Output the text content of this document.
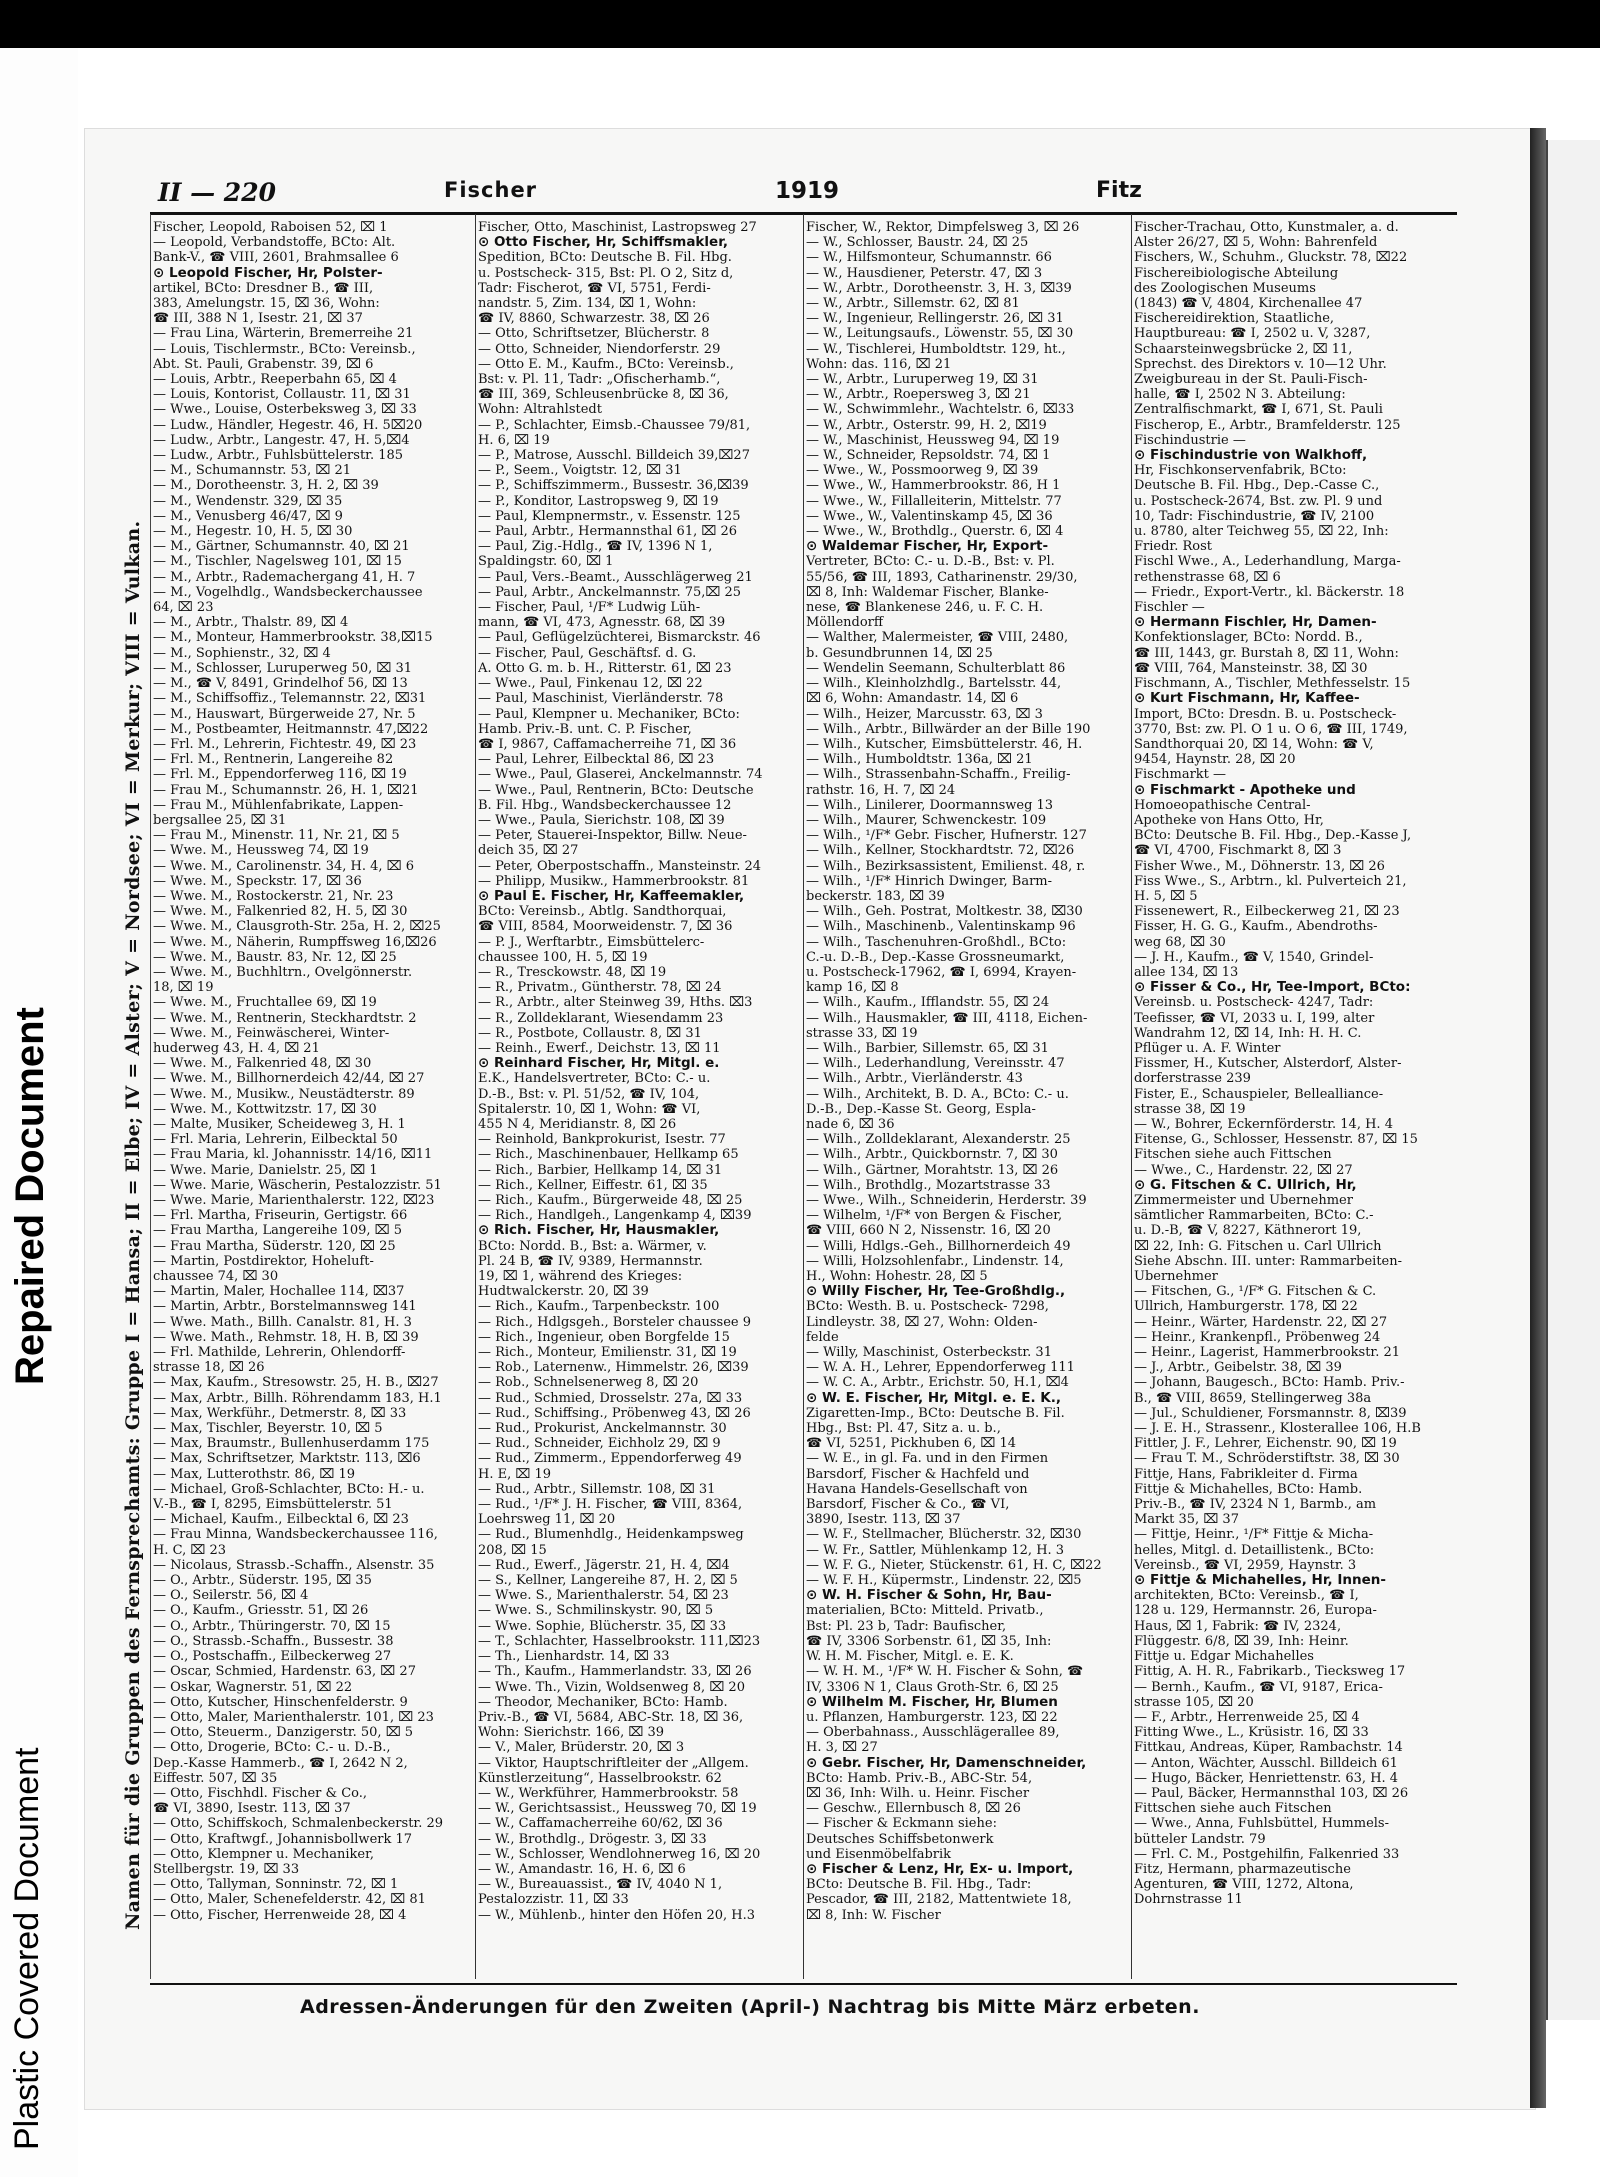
Plastic Covered Document
Repaired Document
II — 220	Fischer	1919	Fitz
Namen für die Gruppen des Fernsprechamts: Gruppe I = Hansa; II = Elbe; IV = Alster; V = Nordsee; VI = Merkur; VIII = Vulkan.
Fischer, Leopold, Raboisen 52, ⌧ 1
— Leopold, Verbandstoffe, BCto: Alt.
Bank-V., ☎ VIII, 2601, Brahmsallee 6
⊙ Leopold Fischer, Hr, Polster-
artikel, BCto: Dresdner B., ☎ III,
383, Amelungstr. 15, ⌧ 36, Wohn:
☎ III, 388 N 1, Isestr. 21, ⌧ 37
— Frau Lina, Wärterin, Bremerreihe 21
— Louis, Tischlermstr., BCto: Vereinsb.,
Abt. St. Pauli, Grabenstr. 39, ⌧ 6
— Louis, Arbtr., Reeperbahn 65, ⌧ 4
— Louis, Kontorist, Collaustr. 11, ⌧ 31
— Wwe., Louise, Osterbeksweg 3, ⌧ 33
— Ludw., Händler, Hegestr. 46, H. 5⌧20
— Ludw., Arbtr., Langestr. 47, H. 5,⌧4
— Ludw., Arbtr., Fuhlsbüttelerstr. 185
— M., Schumannstr. 53, ⌧ 21
— M., Dorotheenstr. 3, H. 2, ⌧ 39
— M., Wendenstr. 329, ⌧ 35
— M., Venusberg 46/47, ⌧ 9
— M., Hegestr. 10, H. 5, ⌧ 30
— M., Gärtner, Schumannstr. 40, ⌧ 21
— M., Tischler, Nagelsweg 101, ⌧ 15
— M., Arbtr., Rademachergang 41, H. 7
— M., Vogelhdlg., Wandsbeckerchaussee
64, ⌧ 23
— M., Arbtr., Thalstr. 89, ⌧ 4
— M., Monteur, Hammerbrookstr. 38,⌧15
— M., Sophienstr., 32, ⌧ 4
— M., Schlosser, Luruperweg 50, ⌧ 31
— M., ☎ V, 8491, Grindelhof 56, ⌧ 13
— M., Schiffsoffiz., Telemannstr. 22, ⌧31
— M., Hauswart, Bürgerweide 27, Nr. 5
— M., Postbeamter, Heitmannstr. 47,⌧22
— Frl. M., Lehrerin, Fichtestr. 49, ⌧ 23
— Frl. M., Rentnerin, Langereihe 82
— Frl. M., Eppendorferweg 116, ⌧ 19
— Frau M., Schumannstr. 26, H. 1, ⌧21
— Frau M., Mühlenfabrikate, Lappen-
bergsallee 25, ⌧ 31
— Frau M., Minenstr. 11, Nr. 21, ⌧ 5
— Wwe. M., Heussweg 74, ⌧ 19
— Wwe. M., Carolinenstr. 34, H. 4, ⌧ 6
— Wwe. M., Speckstr. 17, ⌧ 36
— Wwe. M., Rostockerstr. 21, Nr. 23
— Wwe. M., Falkenried 82, H. 5, ⌧ 30
— Wwe. M., Clausgroth-Str. 25a, H. 2, ⌧25
— Wwe. M., Näherin, Rumpffsweg 16,⌧26
— Wwe. M., Baustr. 83, Nr. 12, ⌧ 25
— Wwe. M., Buchhltrn., Övelgönnerstr.
18, ⌧ 19
— Wwe. M., Fruchtallee 69, ⌧ 19
— Wwe. M., Rentnerin, Steckhardtstr. 2
— Wwe. M., Feinwäscherei, Winter-
huderweg 43, H. 4, ⌧ 21
— Wwe. M., Falkenried 48, ⌧ 30
— Wwe. M., Billhornerdeich 42/44, ⌧ 27
— Wwe. M., Musikw., Neustädterstr. 89
— Wwe. M., Kottwitzstr. 17, ⌧ 30
— Malte, Musiker, Scheideweg 3, H. 1
— Frl. Maria, Lehrerin, Eilbecktal 50
— Frau Maria, kl. Johannisstr. 14/16, ⌧11
— Wwe. Marie, Danielstr. 25, ⌧ 1
— Wwe. Marie, Wäscherin, Pestalozzistr. 51
— Wwe. Marie, Marienthalerstr. 122, ⌧23
— Frl. Martha, Friseurin, Gertigstr. 66
— Frau Martha, Langereihe 109, ⌧ 5
— Frau Martha, Süderstr. 120, ⌧ 25
— Martin, Postdirektor, Hoheluft-
chaussee 74, ⌧ 30
— Martin, Maler, Hochallee 114, ⌧37
— Martin, Arbtr., Borstelmannsweg 141
— Wwe. Math., Billh. Canalstr. 81, H. 3
— Wwe. Math., Rehmstr. 18, H. B, ⌧ 39
— Frl. Mathilde, Lehrerin, Ohlendorff-
strasse 18, ⌧ 26
— Max, Kaufm., Stresowstr. 25, H. B., ⌧27
— Max, Arbtr., Billh. Röhrendamm 183, H.1
— Max, Werkführ., Detmerstr. 8, ⌧ 33
— Max, Tischler, Beyerstr. 10, ⌧ 5
— Max, Braumstr., Bullenhuserdamm 175
— Max, Schriftsetzer, Marktstr. 113, ⌧6
— Max, Lutterothstr. 86, ⌧ 19
— Michael, Groß-Schlachter, BCto: H.- u.
V.-B., ☎ I, 8295, Eimsbüttelerstr. 51
— Michael, Kaufm., Eilbecktal 6, ⌧ 23
— Frau Minna, Wandsbeckerchaussee 116,
H. C, ⌧ 23
— Nicolaus, Strassb.-Schaffn., Alsenstr. 35
— O., Arbtr., Süderstr. 195, ⌧ 35
— O., Seilerstr. 56, ⌧ 4
— O., Kaufm., Griesstr. 51, ⌧ 26
— O., Arbtr., Thüringerstr. 70, ⌧ 15
— O., Strassb.-Schaffn., Bussestr. 38
— O., Postschaffn., Eilbeckerweg 27
— Oscar, Schmied, Hardenstr. 63, ⌧ 27
— Oskar, Wagnerstr. 51, ⌧ 22
— Otto, Kutscher, Hinschenfelderstr. 9
— Otto, Maler, Marienthalerstr. 101, ⌧ 23
— Otto, Steuerm., Danzigerstr. 50, ⌧ 5
— Otto, Drogerie, BCto: C.- u. D.-B.,
Dep.-Kasse Hammerb., ☎ I, 2642 N 2,
Eiffestr. 507, ⌧ 35
— Otto, Fischhdl. Fischer & Co.,
☎ VI, 3890, Isestr. 113, ⌧ 37
— Otto, Schiffskoch, Schmalenbeckerstr. 29
— Otto, Kraftwgf., Johannisbollwerk 17
— Otto, Klempner u. Mechaniker,
Stellbergstr. 19, ⌧ 33
— Otto, Tallyman, Sonninstr. 72, ⌧ 1
— Otto, Maler, Schenefelderstr. 42, ⌧ 81
— Otto, Fischer, Herrenweide 28, ⌧ 4
Fischer, Otto, Maschinist, Lastropsweg 27
⊙ Otto Fischer, Hr, Schiffsmakler,
Spedition, BCto: Deutsche B. Fil. Hbg.
u. Postscheck- 315, Bst: Pl. O 2, Sitz d,
Tadr: Fischerot, ☎ VI, 5751, Ferdi-
nandstr. 5, Zim. 134, ⌧ 1, Wohn:
☎ IV, 8860, Schwarzestr. 38, ⌧ 26
— Otto, Schriftsetzer, Blücherstr. 8
— Otto, Schneider, Niendorferstr. 29
— Otto E. M., Kaufm., BCto: Vereinsb.,
Bst: v. Pl. 11, Tadr: „Ofischerhamb.“,
☎ III, 369, Schleusenbrücke 8, ⌧ 36,
Wohn: Altrahlstedt
— P., Schlachter, Eimsb.-Chaussee 79/81,
H. 6, ⌧ 19
— P., Matrose, Ausschl. Billdeich 39,⌧27
— P., Seem., Voigtstr. 12, ⌧ 31
— P., Schiffszimmerm., Bussestr. 36,⌧39
— P., Konditor, Lastropsweg 9, ⌧ 19
— Paul, Klempnermstr., v. Essenstr. 125
— Paul, Arbtr., Hermannsthal 61, ⌧ 26
— Paul, Zig.-Hdlg., ☎ IV, 1396 N 1,
Spaldingstr. 60, ⌧ 1
— Paul, Vers.-Beamt., Ausschlägerweg 21
— Paul, Arbtr., Anckelmannstr. 75,⌧ 25
— Fischer, Paul, ¹/F* Ludwig Lüh-
mann, ☎ VI, 473, Agnesstr. 68, ⌧ 39
— Paul, Geflügelzüchterei, Bismarckstr. 46
— Fischer, Paul, Geschäftsf. d. G.
A. Otto G. m. b. H., Ritterstr. 61, ⌧ 23
— Wwe., Paul, Finkenau 12, ⌧ 22
— Paul, Maschinist, Vierländerstr. 78
— Paul, Klempner u. Mechaniker, BCto:
Hamb. Priv.-B. unt. C. P. Fischer,
☎ I, 9867, Caffamacherreihe 71, ⌧ 36
— Paul, Lehrer, Eilbecktal 86, ⌧ 23
— Wwe., Paul, Glaserei, Anckelmannstr. 74
— Wwe., Paul, Rentnerin, BCto: Deutsche
B. Fil. Hbg., Wandsbeckerchaussee 12
— Wwe., Paula, Sierichstr. 108, ⌧ 39
— Peter, Stauerei-Inspektor, Billw. Neue-
deich 35, ⌧ 27
— Peter, Oberpostschaffn., Mansteinstr. 24
— Philipp, Musikw., Hammerbrookstr. 81
⊙ Paul E. Fischer, Hr, Kaffeemakler,
BCto: Vereinsb., Abtlg. Sandthorquai,
☎ VIII, 8584, Moorweidenstr. 7, ⌧ 36
— P. J., Werftarbtr., Eimsbüttelerc-
chaussee 100, H. 5, ⌧ 19
— R., Tresckowstr. 48, ⌧ 19
— R., Privatm., Güntherstr. 78, ⌧ 24
— R., Arbtr., alter Steinweg 39, Hths. ⌧3
— R., Zolldeklarant, Wiesendamm 23
— R., Postbote, Collaustr. 8, ⌧ 31
— Reinh., Ewerf., Deichstr. 13, ⌧ 11
⊙ Reinhard Fischer, Hr, Mitgl. e.
E.K., Handelsvertreter, BCto: C.- u.
D.-B., Bst: v. Pl. 51/52, ☎ IV, 104,
Spitalerstr. 10, ⌧ 1, Wohn: ☎ VI,
455 N 4, Meridianstr. 8, ⌧ 26
— Reinhold, Bankprokurist, Isestr. 77
— Rich., Maschinenbauer, Hellkamp 65
— Rich., Barbier, Hellkamp 14, ⌧ 31
— Rich., Kellner, Eiffestr. 61, ⌧ 35
— Rich., Kaufm., Bürgerweide 48, ⌧ 25
— Rich., Handlgeh., Langenkamp 4, ⌧39
⊙ Rich. Fischer, Hr, Hausmakler,
BCto: Nordd. B., Bst: a. Wärmer, v.
Pl. 24 B, ☎ IV, 9389, Hermannstr.
19, ⌧ 1, während des Krieges:
Hudtwalckerstr. 20, ⌧ 39
— Rich., Kaufm., Tarpenbeckstr. 100
— Rich., Hdlgsgeh., Borsteler chaussee 9
— Rich., Ingenieur, oben Borgfelde 15
— Rich., Monteur, Emilienstr. 31, ⌧ 19
— Rob., Laternenw., Himmelstr. 26, ⌧39
— Rob., Schnelsenerweg 8, ⌧ 20
— Rud., Schmied, Drosselstr. 27a, ⌧ 33
— Rud., Schiffsing., Pröbenweg 43, ⌧ 26
— Rud., Prokurist, Anckelmannstr. 30
— Rud., Schneider, Eichholz 29, ⌧ 9
— Rud., Zimmerm., Eppendorferweg 49
H. E, ⌧ 19
— Rud., Arbtr., Sillemstr. 108, ⌧ 31
— Rud., ¹/F* J. H. Fischer, ☎ VIII, 8364,
Loehrsweg 11, ⌧ 20
— Rud., Blumenhdlg., Heidenkampsweg
208, ⌧ 15
— Rud., Ewerf., Jägerstr. 21, H. 4, ⌧4
— S., Kellner, Langereihe 87, H. 2, ⌧ 5
— Wwe. S., Marienthalerstr. 54, ⌧ 23
— Wwe. S., Schmilinskystr. 90, ⌧ 5
— Wwe. Sophie, Blücherstr. 35, ⌧ 33
— T., Schlachter, Hasselbrookstr. 111,⌧23
— Th., Lienhardstr. 14, ⌧ 33
— Th., Kaufm., Hammerlandstr. 33, ⌧ 26
— Wwe. Th., Vizin, Woldsenweg 8, ⌧ 20
— Theodor, Mechaniker, BCto: Hamb.
Priv.-B., ☎ VI, 5684, ABC-Str. 18, ⌧ 36,
Wohn: Sierichstr. 166, ⌧ 39
— V., Maler, Brüderstr. 20, ⌧ 3
— Viktor, Hauptschriftleiter der „Allgem.
Künstlerzeitung“, Hasselbrookstr. 62
— W., Werkführer, Hammerbrookstr. 58
— W., Gerichtsassist., Heussweg 70, ⌧ 19
— W., Caffamacherreihe 60/62, ⌧ 36
— W., Brothdlg., Drögestr. 3, ⌧ 33
— W., Schlosser, Wendlohnerweg 16, ⌧ 20
— W., Amandastr. 16, H. 6, ⌧ 6
— W., Bureauassist., ☎ IV, 4040 N 1,
Pestalozzistr. 11, ⌧ 33
— W., Mühlenb., hinter den Höfen 20, H.3
Fischer, W., Rektor, Dimpfelsweg 3, ⌧ 26
— W., Schlosser, Baustr. 24, ⌧ 25
— W., Hilfsmonteur, Schumannstr. 66
— W., Hausdiener, Peterstr. 47, ⌧ 3
— W., Arbtr., Dorotheenstr. 3, H. 3, ⌧39
— W., Arbtr., Sillemstr. 62, ⌧ 81
— W., Ingenieur, Rellingerstr. 26, ⌧ 31
— W., Leitungsaufs., Löwenstr. 55, ⌧ 30
— W., Tischlerei, Humboldtstr. 129, ht.,
Wohn: das. 116, ⌧ 21
— W., Arbtr., Luruperweg 19, ⌧ 31
— W., Arbtr., Roepersweg 3, ⌧ 21
— W., Schwimmlehr., Wachtelstr. 6, ⌧33
— W., Arbtr., Osterstr. 99, H. 2, ⌧19
— W., Maschinist, Heussweg 94, ⌧ 19
— W., Schneider, Repsoldstr. 74, ⌧ 1
— Wwe., W., Possmoorweg 9, ⌧ 39
— Wwe., W., Hammerbrookstr. 86, H 1
— Wwe., W., Fillalleiterin, Mittelstr. 77
— Wwe., W., Valentinskamp 45, ⌧ 36
— Wwe., W., Brothdlg., Querstr. 6, ⌧ 4
⊙ Waldemar Fischer, Hr, Export-
Vertreter, BCto: C.- u. D.-B., Bst: v. Pl.
55/56, ☎ III, 1893, Catharinenstr. 29/30,
⌧ 8, Inh: Waldemar Fischer, Blanke-
nese, ☎ Blankenese 246, u. F. C. H.
Möllendorff
— Walther, Malermeister, ☎ VIII, 2480,
b. Gesundbrunnen 14, ⌧ 25
— Wendelin Seemann, Schulterblatt 86
— Wilh., Kleinholzhdlg., Bartelsstr. 44,
⌧ 6, Wohn: Amandastr. 14, ⌧ 6
— Wilh., Heizer, Marcusstr. 63, ⌧ 3
— Wilh., Arbtr., Billwärder an der Bille 190
— Wilh., Kutscher, Eimsbüttelerstr. 46, H.
— Wilh., Humboldtstr. 136a, ⌧ 21
— Wilh., Strassenbahn-Schaffn., Freilig-
rathstr. 16, H. 7, ⌧ 24
— Wilh., Linilerer, Doormannsweg 13
— Wilh., Maurer, Schwenckestr. 109
— Wilh., ¹/F* Gebr. Fischer, Hufnerstr. 127
— Wilh., Kellner, Stockhardtstr. 72, ⌧26
— Wilh., Bezirksassistent, Emilienst. 48, r.
— Wilh., ¹/F* Hinrich Dwinger, Barm-
beckerstr. 183, ⌧ 39
— Wilh., Geh. Postrat, Moltkestr. 38, ⌧30
— Wilh., Maschinenb., Valentinskamp 96
— Wilh., Taschenuhren-Großhdl., BCto:
C.-u. D.-B., Dep.-Kasse Grossneumarkt,
u. Postscheck-17962, ☎ I, 6994, Krayen-
kamp 16, ⌧ 8
— Wilh., Kaufm., Ifflandstr. 55, ⌧ 24
— Wilh., Hausmakler, ☎ III, 4118, Eichen-
strasse 33, ⌧ 19
— Wilh., Barbier, Sillemstr. 65, ⌧ 31
— Wilh., Lederhandlung, Vereinsstr. 47
— Wilh., Arbtr., Vierländerstr. 43
— Wilh., Architekt, B. D. A., BCto: C.- u.
D.-B., Dep.-Kasse St. Georg, Espla-
nade 6, ⌧ 36
— Wilh., Zolldeklarant, Alexanderstr. 25
— Wilh., Arbtr., Quickbornstr. 7, ⌧ 30
— Wilh., Gärtner, Morahtstr. 13, ⌧ 26
— Wilh., Brothdlg., Mozartstrasse 33
— Wwe., Wilh., Schneiderin, Herderstr. 39
— Wilhelm, ¹/F* von Bergen & Fischer,
☎ VIII, 660 N 2, Nissenstr. 16, ⌧ 20
— Willi, Hdlgs.-Geh., Billhornerdeich 49
— Willi, Holzsohlenfabr., Lindenstr. 14,
H., Wohn: Hohestr. 28, ⌧ 5
⊙ Willy Fischer, Hr, Tee-Großhdlg.,
BCto: Westh. B. u. Postscheck- 7298,
Lindleystr. 38, ⌧ 27, Wohn: Olden-
felde
— Willy, Maschinist, Osterbeckstr. 31
— W. A. H., Lehrer, Eppendorferweg 111
— W. C. A., Arbtr., Erichstr. 50, H.1, ⌧4
⊙ W. E. Fischer, Hr, Mitgl. e. E. K.,
Zigaretten-Imp., BCto: Deutsche B. Fil.
Hbg., Bst: Pl. 47, Sitz a. u. b.,
☎ VI, 5251, Pickhuben 6, ⌧ 14
— W. E., in gl. Fa. und in den Firmen
Barsdorf, Fischer & Hachfeld und
Havana Handels-Gesellschaft von
Barsdorf, Fischer & Co., ☎ VI,
3890, Isestr. 113, ⌧ 37
— W. F., Stellmacher, Blücherstr. 32, ⌧30
— W. Fr., Sattler, Mühlenkamp 12, H. 3
— W. F. G., Nieter, Stückenstr. 61, H. C, ⌧22
— W. F. H., Küpermstr., Lindenstr. 22, ⌧5
⊙ W. H. Fischer & Sohn, Hr, Bau-
materialien, BCto: Mitteld. Privatb.,
Bst: Pl. 23 b, Tadr: Baufischer,
☎ IV, 3306 Sorbenstr. 61, ⌧ 35, Inh:
W. H. M. Fischer, Mitgl. e. E. K.
— W. H. M., ¹/F* W. H. Fischer & Sohn, ☎
IV, 3306 N 1, Claus Groth-Str. 6, ⌧ 25
⊙ Wilhelm M. Fischer, Hr, Blumen
u. Pflanzen, Hamburgerstr. 123, ⌧ 22
— Oberbahnass., Ausschlägerallee 89,
H. 3, ⌧ 27
⊙ Gebr. Fischer, Hr, Damenschneider,
BCto: Hamb. Priv.-B., ABC-Str. 54,
⌧ 36, Inh: Wilh. u. Heinr. Fischer
— Geschw., Ellernbusch 8, ⌧ 26
— Fischer & Eckmann siehe:
Deutsches Schiffsbetonwerk
und Eisenmöbelfabrik
⊙ Fischer & Lenz, Hr, Ex- u. Import,
BCto: Deutsche B. Fil. Hbg., Tadr:
Pescador, ☎ III, 2182, Mattentwiete 18,
⌧ 8, Inh: W. Fischer
Fischer-Trachau, Otto, Kunstmaler, a. d.
Alster 26/27, ⌧ 5, Wohn: Bahrenfeld
Fischers, W., Schuhm., Gluckstr. 78, ⌧22
Fischereibiologische Abteilung
des Zoologischen Museums
(1843) ☎ V, 4804, Kirchenallee 47
Fischereidirektion, Staatliche,
Hauptbureau: ☎ I, 2502 u. V, 3287,
Schaarsteinwegsbrücke 2, ⌧ 11,
Sprechst. des Direktors v. 10—12 Uhr.
Zweigbureau in der St. Pauli-Fisch-
halle, ☎ I, 2502 N 3. Abteilung:
Zentralfischmarkt, ☎ I, 671, St. Pauli
Fischerop, E., Arbtr., Bramfelderstr. 125
Fischindustrie —
⊙ Fischindustrie von Walkhoff,
Hr, Fischkonservenfabrik, BCto:
Deutsche B. Fil. Hbg., Dep.-Casse C.,
u. Postscheck-2674, Bst. zw. Pl. 9 und
10, Tadr: Fischindustrie, ☎ IV, 2100
u. 8780, alter Teichweg 55, ⌧ 22, Inh:
Friedr. Rost
Fischl Wwe., A., Lederhandlung, Marga-
rethenstrasse 68, ⌧ 6
— Friedr., Export-Vertr., kl. Bäckerstr. 18
Fischler —
⊙ Hermann Fischler, Hr, Damen-
Konfektionslager, BCto: Nordd. B.,
☎ III, 1443, gr. Burstah 8, ⌧ 11, Wohn:
☎ VIII, 764, Mansteinstr. 38, ⌧ 30
Fischmann, A., Tischler, Methfesselstr. 15
⊙ Kurt Fischmann, Hr, Kaffee-
Import, BCto: Dresdn. B. u. Postscheck-
3770, Bst: zw. Pl. O 1 u. O 6, ☎ III, 1749,
Sandthorquai 20, ⌧ 14, Wohn: ☎ V,
9454, Haynstr. 28, ⌧ 20
Fischmarkt —
⊙ Fischmarkt - Apotheke und
Homoeopathische Central-
Apotheke von Hans Otto, Hr,
BCto: Deutsche B. Fil. Hbg., Dep.-Kasse J,
☎ VI, 4700, Fischmarkt 8, ⌧ 3
Fisher Wwe., M., Döhnerstr. 13, ⌧ 26
Fiss Wwe., S., Arbtrn., kl. Pulverteich 21,
H. 5, ⌧ 5
Fissenewert, R., Eilbeckerweg 21, ⌧ 23
Fisser, H. G. G., Kaufm., Abendroths-
weg 68, ⌧ 30
— J. H., Kaufm., ☎ V, 1540, Grindel-
allee 134, ⌧ 13
⊙ Fisser & Co., Hr, Tee-Import, BCto:
Vereinsb. u. Postscheck- 4247, Tadr:
Teefisser, ☎ VI, 2033 u. I, 199, alter
Wandrahm 12, ⌧ 14, Inh: H. H. C.
Pflüger u. A. F. Winter
Fissmer, H., Kutscher, Alsterdorf, Alster-
dorferstrasse 239
Fister, E., Schauspieler, Bellealliance-
strasse 38, ⌧ 19
— W., Bohrer, Eckernförderstr. 14, H. 4
Fitense, G., Schlosser, Hessenstr. 87, ⌧ 15
Fitschen siehe auch Fittschen
— Wwe., C., Hardenstr. 22, ⌧ 27
⊙ G. Fitschen & C. Ullrich, Hr,
Zimmermeister und Übernehmer
sämtlicher Rammarbeiten, BCto: C.-
u. D.-B, ☎ V, 8227, Käthnerort 19,
⌧ 22, Inh: G. Fitschen u. Carl Ullrich
Siehe Abschn. III. unter: Rammarbeiten-
Übernehmer
— Fitschen, G., ¹/F* G. Fitschen & C.
Ullrich, Hamburgerstr. 178, ⌧ 22
— Heinr., Wärter, Hardenstr. 22, ⌧ 27
— Heinr., Krankenpfl., Pröbenweg 24
— Heinr., Lagerist, Hammerbrookstr. 21
— J., Arbtr., Geibelstr. 38, ⌧ 39
— Johann, Baugesch., BCto: Hamb. Priv.-
B., ☎ VIII, 8659, Stellingerweg 38a
— Jul., Schuldiener, Forsmannstr. 8, ⌧39
— J. E. H., Strassenr., Klosterallee 106, H.B
Fittler, J. F., Lehrer, Eichenstr. 90, ⌧ 19
— Frau T. M., Schröderstiftstr. 38, ⌧ 30
Fittje, Hans, Fabrikleiter d. Firma
Fittje & Michahelles, BCto: Hamb.
Priv.-B., ☎ IV, 2324 N 1, Barmb., am
Markt 35, ⌧ 37
— Fittje, Heinr., ¹/F* Fittje & Micha-
helles, Mitgl. d. Detaillistenk., BCto:
Vereinsb., ☎ VI, 2959, Haynstr. 3
⊙ Fittje & Michahelles, Hr, Innen-
architekten, BCto: Vereinsb., ☎ I,
128 u. 129, Hermannstr. 26, Europa-
Haus, ⌧ 1, Fabrik: ☎ IV, 2324,
Flüggestr. 6/8, ⌧ 39, Inh: Heinr.
Fittje u. Edgar Michahelles
Fittig, A. H. R., Fabrikarb., Tiecksweg 17
— Bernh., Kaufm., ☎ VI, 9187, Erica-
strasse 105, ⌧ 20
— F., Arbtr., Herrenweide 25, ⌧ 4
Fitting Wwe., L., Krüsistr. 16, ⌧ 33
Fittkau, Andreas, Küper, Rambachstr. 14
— Anton, Wächter, Ausschl. Billdeich 61
— Hugo, Bäcker, Henriettenstr. 63, H. 4
— Paul, Bäcker, Hermannsthal 103, ⌧ 26
Fittschen siehe auch Fitschen
— Wwe., Anna, Fuhlsbüttel, Hummels-
bütteler Landstr. 79
— Frl. C. M., Postgehilfin, Falkenried 33
Fitz, Hermann, pharmazeutische
Agenturen, ☎ VIII, 1272, Altona,
Dohrnstrasse 11
Adressen-Änderungen für den Zweiten (April-) Nachtrag bis Mitte März erbeten.
